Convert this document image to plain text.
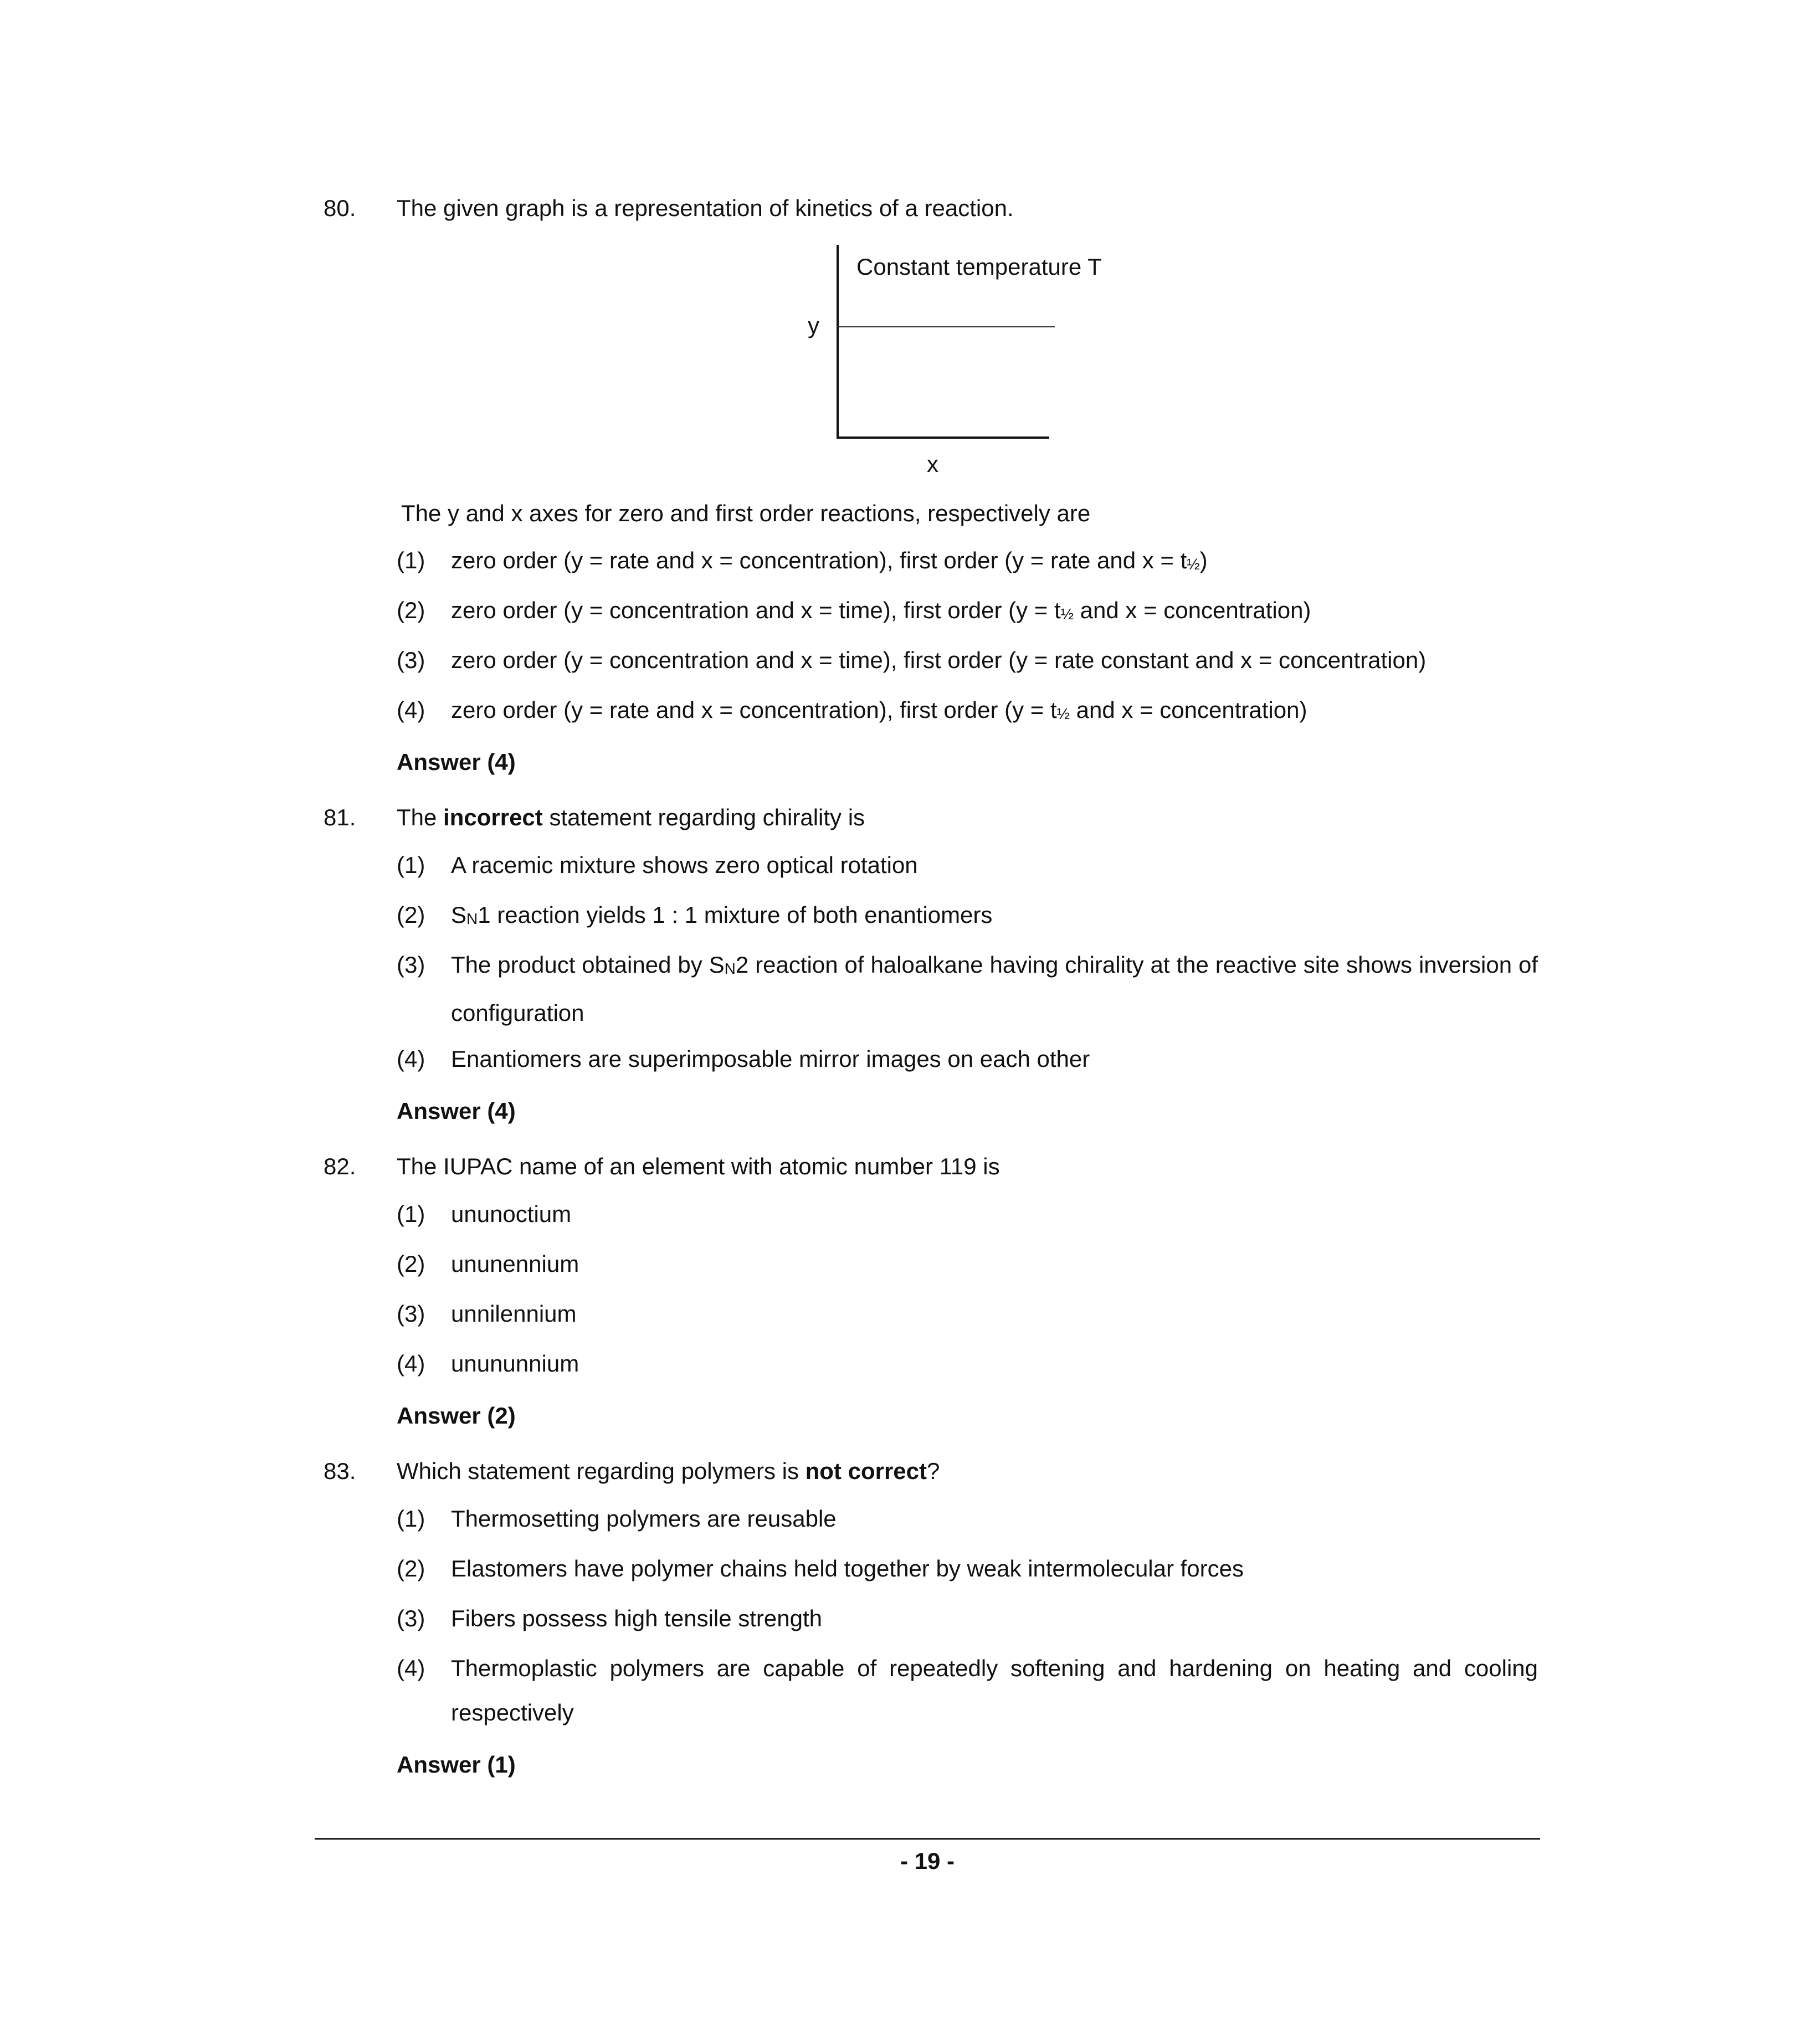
80. The given graph is a representation of kinetics of a reaction.
Constant temperature T
y
x
The y and x axes for zero and first order reactions, respectively are
(1) zero order (y = rate and x = concentration), first order (y = rate and x = t½)
(2) zero order (y = concentration and x = time), first order (y = t½ and x = concentration)
(3) zero order (y = concentration and x = time), first order (y = rate constant and x = concentration)
(4) zero order (y = rate and x = concentration), first order (y = t½ and x = concentration)
Answer (4)
81. The incorrect statement regarding chirality is
(1) A racemic mixture shows zero optical rotation
(2) SN1 reaction yields 1 : 1 mixture of both enantiomers
(3) The product obtained by SN2 reaction of haloalkane having chirality at the reactive site shows inversion of configuration
(4) Enantiomers are superimposable mirror images on each other
Answer (4)
82. The IUPAC name of an element with atomic number 119 is
(1) ununoctium
(2) ununennium
(3) unnilennium
(4) unununnium
Answer (2)
83. Which statement regarding polymers is not correct?
(1) Thermosetting polymers are reusable
(2) Elastomers have polymer chains held together by weak intermolecular forces
(3) Fibers possess high tensile strength
(4) Thermoplastic polymers are capable of repeatedly softening and hardening on heating and cooling respectively
Answer (1)
- 19 -
